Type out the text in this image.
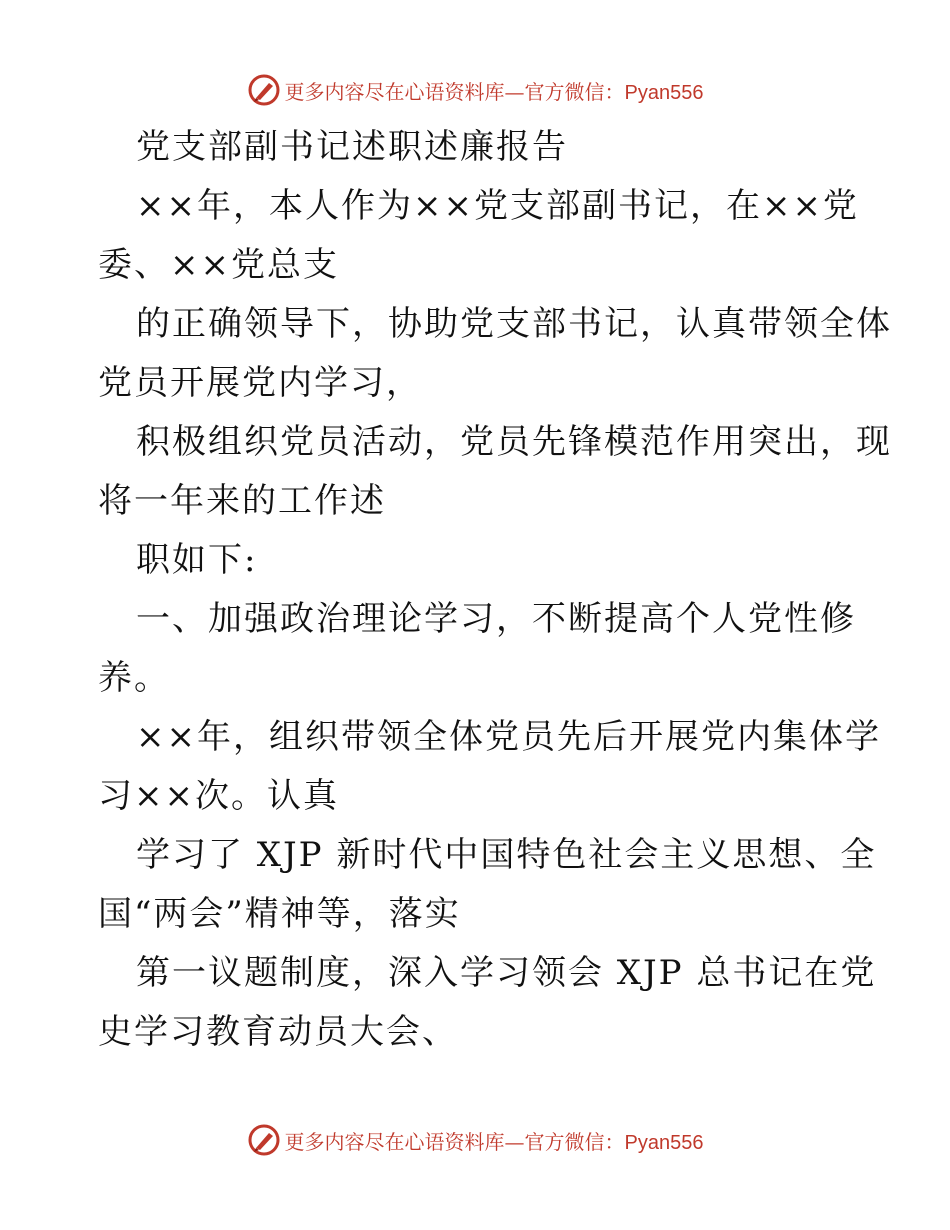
更多内容尽在心语资料库—官方微信：Pyan556
党支部副书记述职述廉报告
××年，本人作为××党支部副书记，在××党
委、××党总支
的正确领导下，协助党支部书记，认真带领全体
党员开展党内学习，
积极组织党员活动，党员先锋模范作用突出，现
将一年来的工作述
职如下:
一、加强政治理论学习，不断提高个人党性修
养。
××年，组织带领全体党员先后开展党内集体学
习××次。认真
学习了 XJP 新时代中国特色社会主义思想、全
国“两会”精神等，落实
第一议题制度，深入学习领会 XJP 总书记在党
史学习教育动员大会、
更多内容尽在心语资料库—官方微信：Pyan556
